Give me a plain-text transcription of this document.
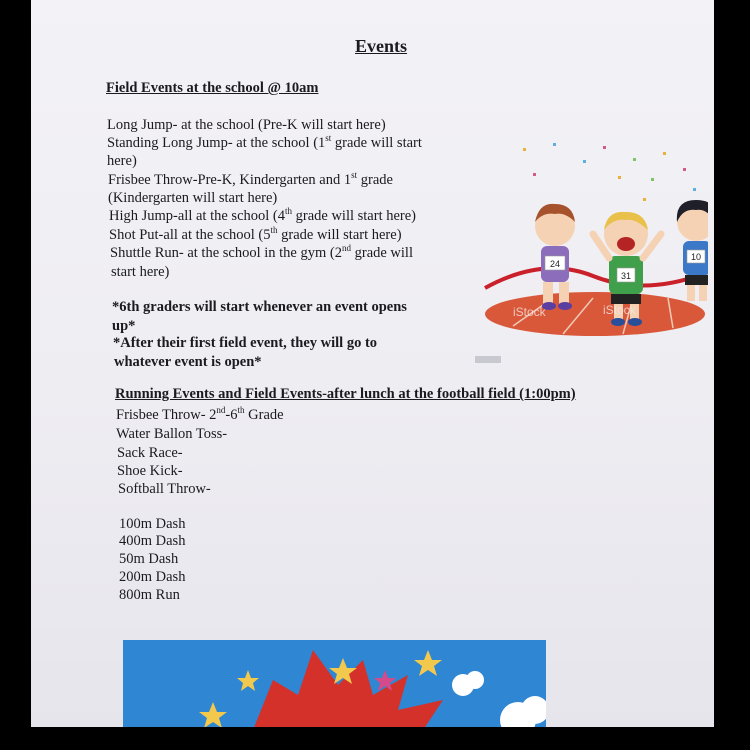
Events
Field Events at the school @ 10am
Long Jump- at the school (Pre-K will start here)
Standing Long Jump- at the school (1st grade will start
here)
Frisbee Throw-Pre-K, Kindergarten and 1st grade
(Kindergarten will start here)
High Jump-all at the school (4th grade will start here)
Shot Put-all at the school (5th grade will start here)
Shuttle Run- at the school in the gym (2nd grade will
start here)
*6th graders will start whenever an event opens
up*
*After their first field event, they will go to
whatever event is open*
Running Events and Field Events-after lunch at the football field (1:00pm)
Frisbee Throw- 2nd-6th Grade
Water Ballon Toss-
Sack Race-
Shoe Kick-
Softball Throw-
100m Dash
400m Dash
50m Dash
200m Dash
800m Run
24
31
10
iStock	iStock
